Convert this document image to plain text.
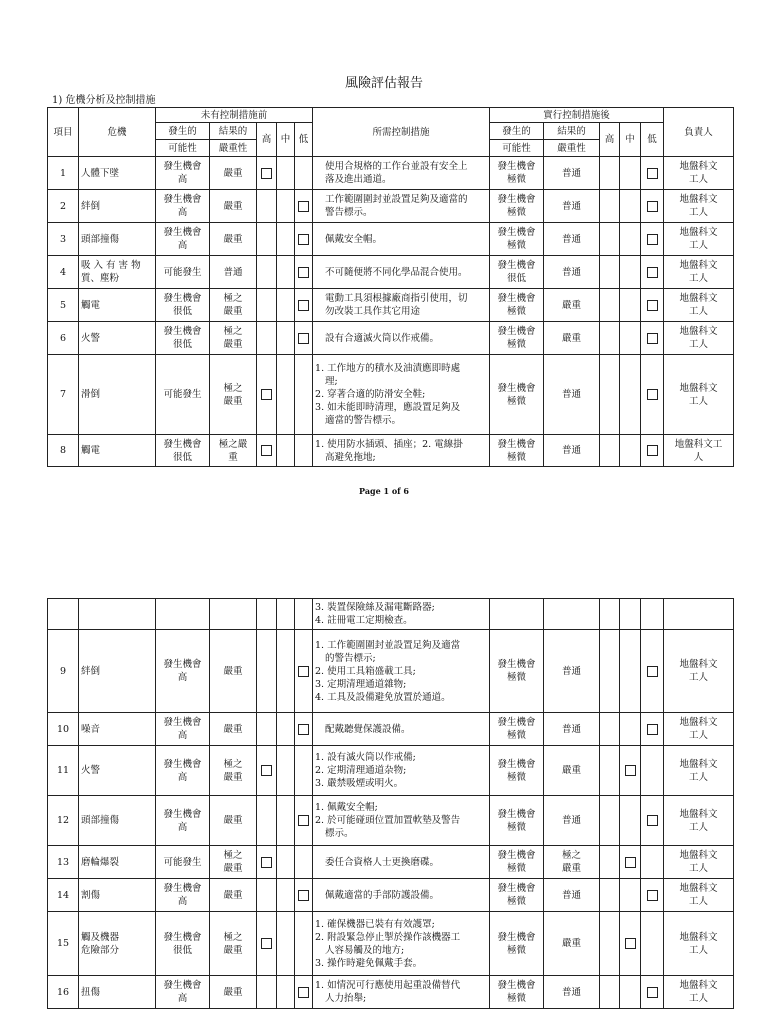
風險評估報告
1) 危機分析及控制措施
項目	危機	未有控制措施前					所需控制措施	實行控制措施後					負責人

		發生的	結果的	高	中	低		發生的	結果的	高	中	低	

		可能性	嚴重性					可能性	嚴重性				

1	人體下墜	發生機會
高	嚴重				使用合規格的工作台並設有安全上
落及進出通道。	發生機會
極微	普通				地盤科文
工人

2	絆倒	發生機會
高	嚴重				工作範圍圍封並設置足夠及適當的
警告標示。	發生機會
極微	普通				地盤科文
工人

3	頭部撞傷	發生機會
高	嚴重				佩戴安全帽。	發生機會
極微	普通				地盤科文
工人

4	吸 入 有 害 物
質、塵粉	可能發生	普通				不可隨便將不同化學品混合使用。	發生機會
很低	普通				地盤科文
工人

5	觸電	發生機會
很低	極之
嚴重				電動工具須根據廠商指引使用，切
勿改裝工具作其它用途	發生機會
極微	嚴重				地盤科文
工人

6	火警	發生機會
很低	極之
嚴重				設有合適滅火筒以作戒備。	發生機會
極微	嚴重				地盤科文
工人

7	滑倒	可能發生	極之
嚴重				1. 工作地方的積水及油漬應即時處
理;
2. 穿著合適的防滑安全鞋;
3. 如未能即時清理，應設置足夠及
適當的警告標示。	發生機會
極微	普通				地盤科文
工人

8	觸電	發生機會
很低	極之嚴
重				1. 使用防水插頭、插座；2. 電線掛
高避免拖地;	發生機會
極微	普通				地盤科文工
人
Page 1 of 6

							3. 裝置保險絲及漏電斷路器;
4. 註冊電工定期檢查。						

9	絆倒	發生機會
高	嚴重				1. 工作範圍圍封並設置足夠及適當
的警告標示;
2. 使用工具箱盛載工具;
3. 定期清理通道雜物;
4. 工具及設備避免放置於通道。	發生機會
極微	普通				地盤科文
工人

10	噪音	發生機會
高	嚴重				配戴聽覺保護設備。	發生機會
極微	普通				地盤科文
工人

11	火警	發生機會
高	極之
嚴重				1. 設有滅火筒以作戒備;
2. 定期清理通道杂物;
3. 嚴禁吸煙或明火。	發生機會
極微	嚴重				地盤科文
工人

12	頭部撞傷	發生機會
高	嚴重				1. 佩戴安全帽;
2. 於可能碰頭位置加置軟墊及警告
標示。	發生機會
極微	普通				地盤科文
工人

13	磨輪爆裂	可能發生	極之
嚴重				委任合資格人士更換磨碟。	發生機會
極微	極之
嚴重				地盤科文
工人

14	割傷	發生機會
高	嚴重				佩戴適當的手部防護設備。	發生機會
極微	普通				地盤科文
工人

15	觸及機器
危險部分	發生機會
很低	極之
嚴重				1. 確保機器已裝有有效護罩;
2. 附設緊急停止掣於操作該機器工
人容易觸及的地方;
3. 操作時避免佩戴手套。	發生機會
極微	嚴重				地盤科文
工人

16	扭傷	發生機會
高	嚴重				1. 如情況可行應使用起重設備替代
人力抬舉;	發生機會
極微	普通				地盤科文
工人
